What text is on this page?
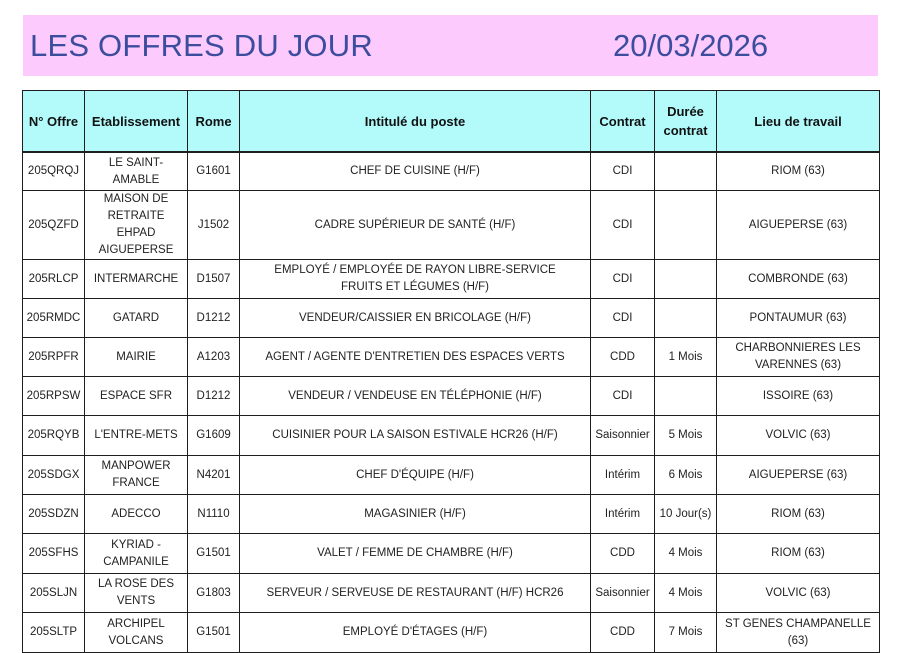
LES OFFRES DU JOUR	20/03/2026
N° Offre	Etablissement	Rome	Intitulé du poste	Contrat	Durée contrat	Lieu de travail

205QRQJ	LE SAINT-AMABLE	G1601	CHEF DE CUISINE (H/F)	CDI		RIOM (63)
205QZFD	MAISON DE RETRAITE EHPAD AIGUEPERSE	J1502	CADRE SUPÉRIEUR DE SANTÉ (H/F)	CDI		AIGUEPERSE (63)
205RLCP	INTERMARCHE	D1507	EMPLOYÉ / EMPLOYÉE DE RAYON LIBRE-SERVICE FRUITS ET LÉGUMES (H/F)	CDI		COMBRONDE (63)
205RMDC	GATARD	D1212	VENDEUR/CAISSIER EN BRICOLAGE (H/F)	CDI		PONTAUMUR (63)
205RPFR	MAIRIE	A1203	AGENT / AGENTE D'ENTRETIEN DES ESPACES VERTS	CDD	1 Mois	CHARBONNIERES LES VARENNES (63)
205RPSW	ESPACE SFR	D1212	VENDEUR / VENDEUSE EN TÉLÉPHONIE (H/F)	CDI		ISSOIRE (63)
205RQYB	L'ENTRE-METS	G1609	CUISINIER POUR LA SAISON ESTIVALE HCR26 (H/F)	Saisonnier	5 Mois	VOLVIC (63)
205SDGX	MANPOWER FRANCE	N4201	CHEF D'ÉQUIPE (H/F)	Intérim	6 Mois	AIGUEPERSE (63)
205SDZN	ADECCO	N1110	MAGASINIER (H/F)	Intérim	10 Jour(s)	RIOM (63)
205SFHS	KYRIAD - CAMPANILE	G1501	VALET / FEMME DE CHAMBRE (H/F)	CDD	4 Mois	RIOM (63)
205SLJN	LA ROSE DES VENTS	G1803	SERVEUR / SERVEUSE DE RESTAURANT (H/F) HCR26	Saisonnier	4 Mois	VOLVIC (63)
205SLTP	ARCHIPEL VOLCANS	G1501	EMPLOYÉ D'ÉTAGES (H/F)	CDD	7 Mois	ST GENES CHAMPANELLE (63)
